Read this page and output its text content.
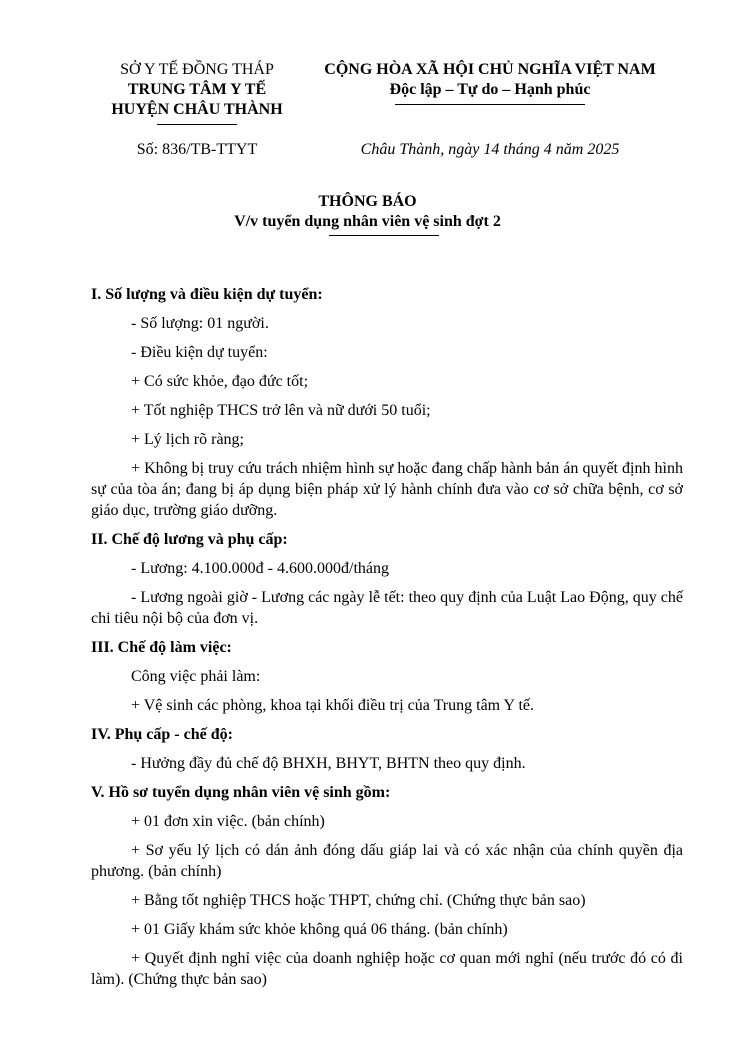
SỞ Y TẾ ĐỒNG THÁP
TRUNG TÂM Y TẾ
HUYỆN CHÂU THÀNH
CỘNG HÒA XÃ HỘI CHỦ NGHĨA VIỆT NAM
Độc lập – Tự do – Hạnh phúc
Số: 836/TB-TTYT	Châu Thành, ngày 14 tháng 4 năm 2025
THÔNG BÁO
V/v tuyển dụng nhân viên vệ sinh đợt 2
I. Số lượng và điều kiện dự tuyển:
- Số lượng: 01 người.
- Điều kiện dự tuyển:
+ Có sức khỏe, đạo đức tốt;
+ Tốt nghiệp THCS trở lên và nữ dưới 50 tuổi;
+ Lý lịch rõ ràng;
+ Không bị truy cứu trách nhiệm hình sự hoặc đang chấp hành bản án quyết định hình sự của tòa án; đang bị áp dụng biện pháp xử lý hành chính đưa vào cơ sở chữa bệnh, cơ sở giáo dục, trường giáo dưỡng.
II. Chế độ lương và phụ cấp:
- Lương: 4.100.000đ - 4.600.000đ/tháng
- Lương ngoài giờ - Lương các ngày lễ tết: theo quy định của Luật Lao Động, quy chế chi tiêu nội bộ của đơn vị.
III. Chế độ làm việc:
Công việc phải làm:
+ Vệ sinh các phòng, khoa tại khối điều trị của Trung tâm Y tế.
IV. Phụ cấp - chế độ:
- Hưởng đầy đủ chế độ BHXH, BHYT, BHTN theo quy định.
V. Hồ sơ tuyển dụng nhân viên vệ sinh gồm:
+ 01 đơn xin việc. (bản chính)
+ Sơ yếu lý lịch có dán ảnh đóng dấu giáp lai và có xác nhận của chính quyền địa phương. (bản chính)
+ Bằng tốt nghiệp THCS hoặc THPT, chứng chỉ. (Chứng thực bản sao)
+ 01 Giấy khám sức khỏe không quá 06 tháng. (bản chính)
+ Quyết định nghỉ việc của doanh nghiệp hoặc cơ quan mới nghỉ (nếu trước đó có đi làm). (Chứng thực bản sao)
